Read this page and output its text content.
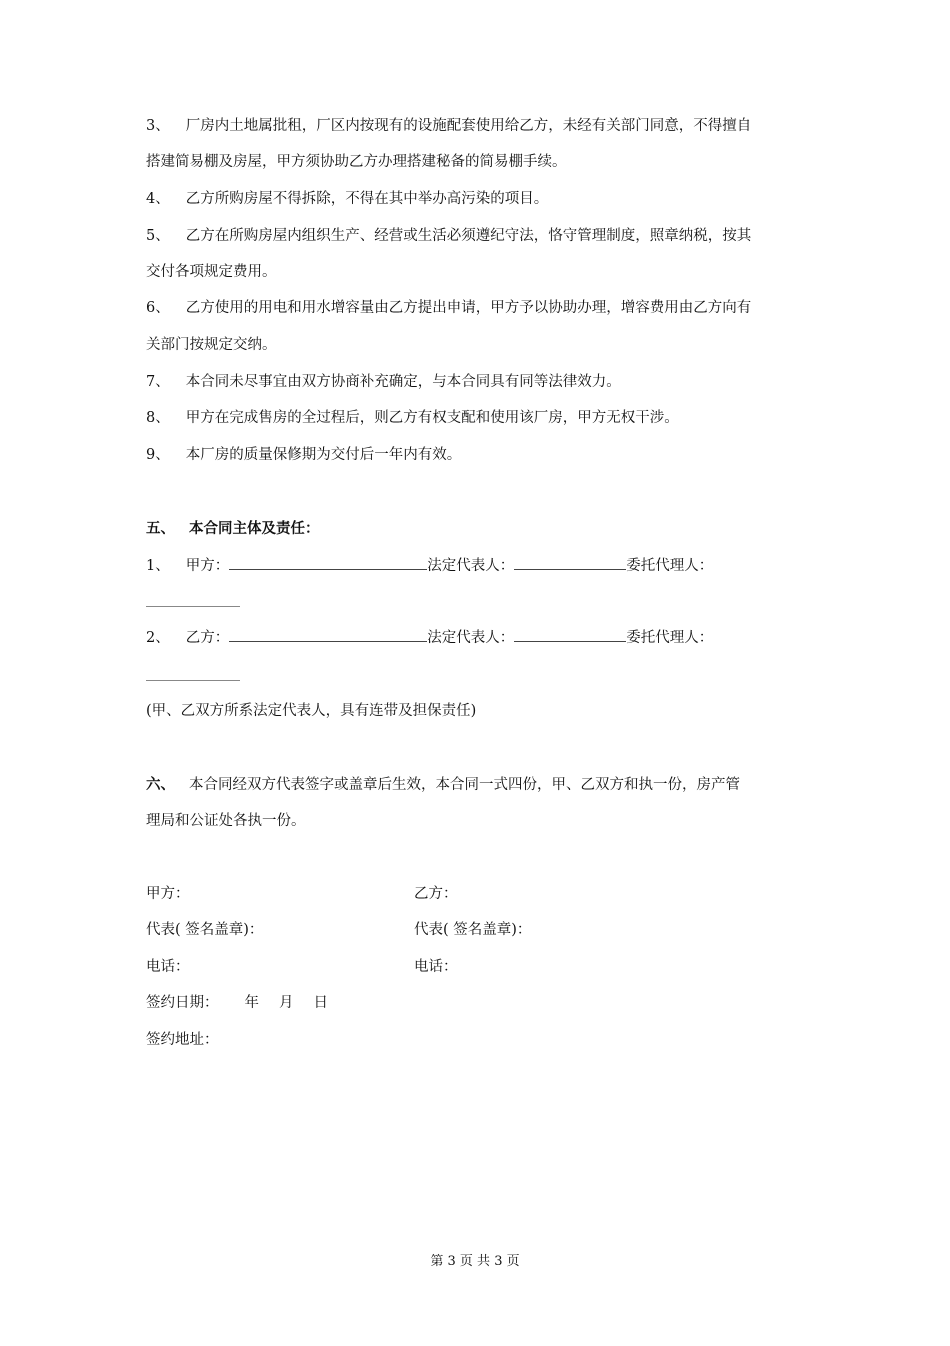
3、 厂房内土地属批租，厂区内按现有的设施配套使用给乙方，未经有关部门同意，不得擅自
搭建简易棚及房屋，甲方须协助乙方办理搭建秘备的简易棚手续。
4、 乙方所购房屋不得拆除，不得在其中举办高污染的项目。
5、 乙方在所购房屋内组织生产、经营或生活必须遵纪守法，恪守管理制度，照章纳税，按其
交付各项规定费用。
6、 乙方使用的用电和用水增容量由乙方提出申请，甲方予以协助办理，增容费用由乙方向有
关部门按规定交纳。
7、 本合同未尽事宜由双方协商补充确定，与本合同具有同等法律效力。
8、 甲方在完成售房的全过程后，则乙方有权支配和使用该厂房，甲方无权干涉。
9、 本厂房的质量保修期为交付后一年内有效。
五、 本合同主体及责任：
1、 甲方：	法定代表人：	委托代理人：
2、 乙方：	法定代表人：	委托代理人：
(甲、乙双方所系法定代表人，具有连带及担保责任)
六、 本合同经双方代表签字或盖章后生效，本合同一式四份，甲、乙双方和执一份，房产管
理局和公证处各执一份。
甲方：	乙方：
代表( 签名盖章)：	代表( 签名盖章)：
电话：	电话：
签约日期： 年 月 日
签约地址：
第 3 页 共 3 页
